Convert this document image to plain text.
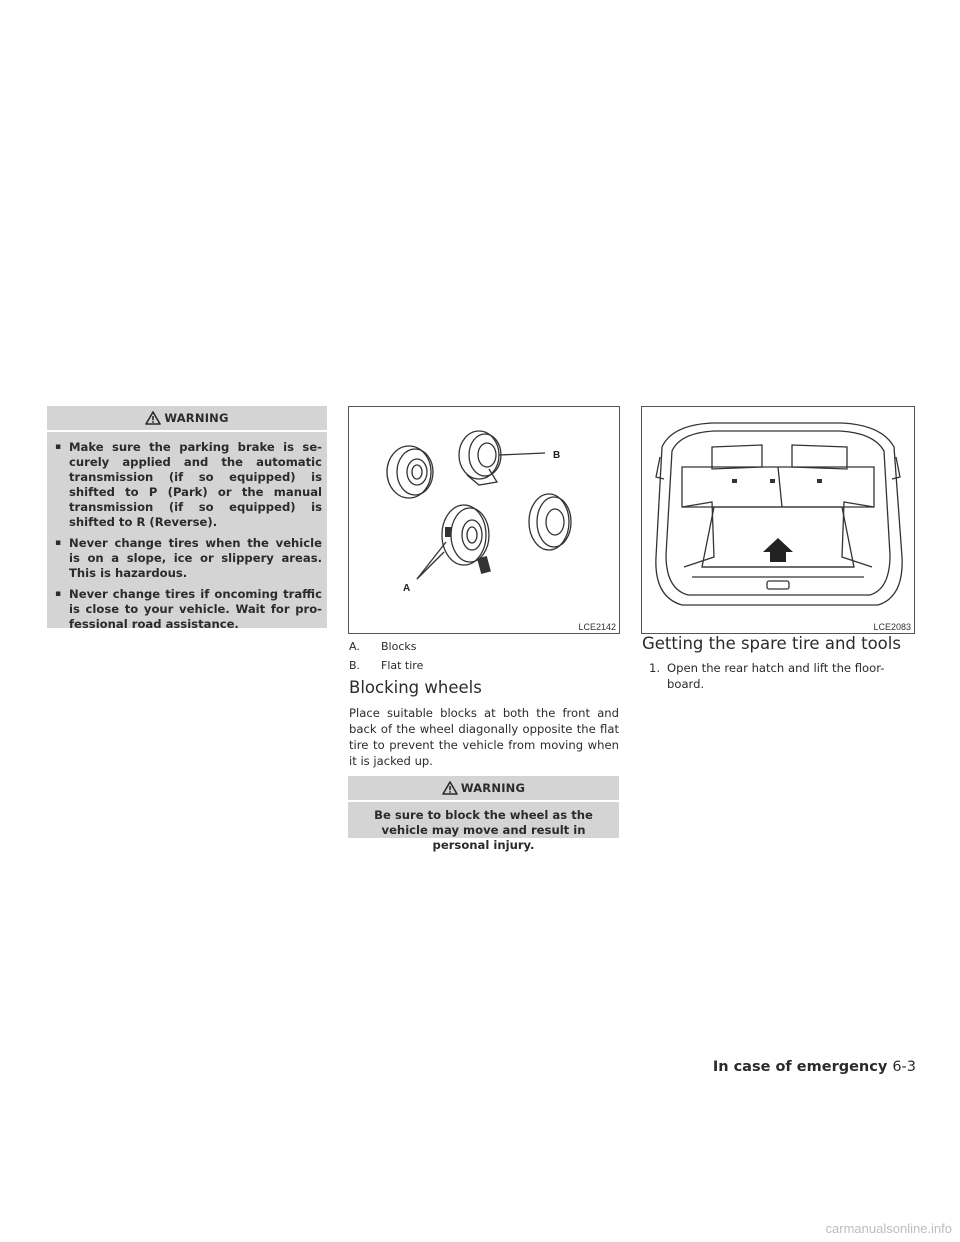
WARNING
▪ Make sure the parking brake is se-curely applied and the automatic transmission (if so equipped) is shifted to P (Park) or the manual transmission (if so equipped) is shifted to R (Reverse).
▪ Never change tires when the vehicle is on a slope, ice or slippery areas. This is hazardous.
▪ Never change tires if oncoming traffic is close to your vehicle. Wait for pro-fessional road assistance.
B
A
LCE2142
A.	Blocks
B.	Flat tire
Blocking wheels

Place suitable blocks at both the front and back of the wheel diagonally opposite the flat tire to prevent the vehicle from moving when it is jacked up.

WARNING
Be sure to block the wheel as the vehicle may move and result in personal injury.
LCE2083
Getting the spare tire and tools
1. Open the rear hatch and lift the floor-board.
In case of emergency 6-3
carmanualsonline.info
